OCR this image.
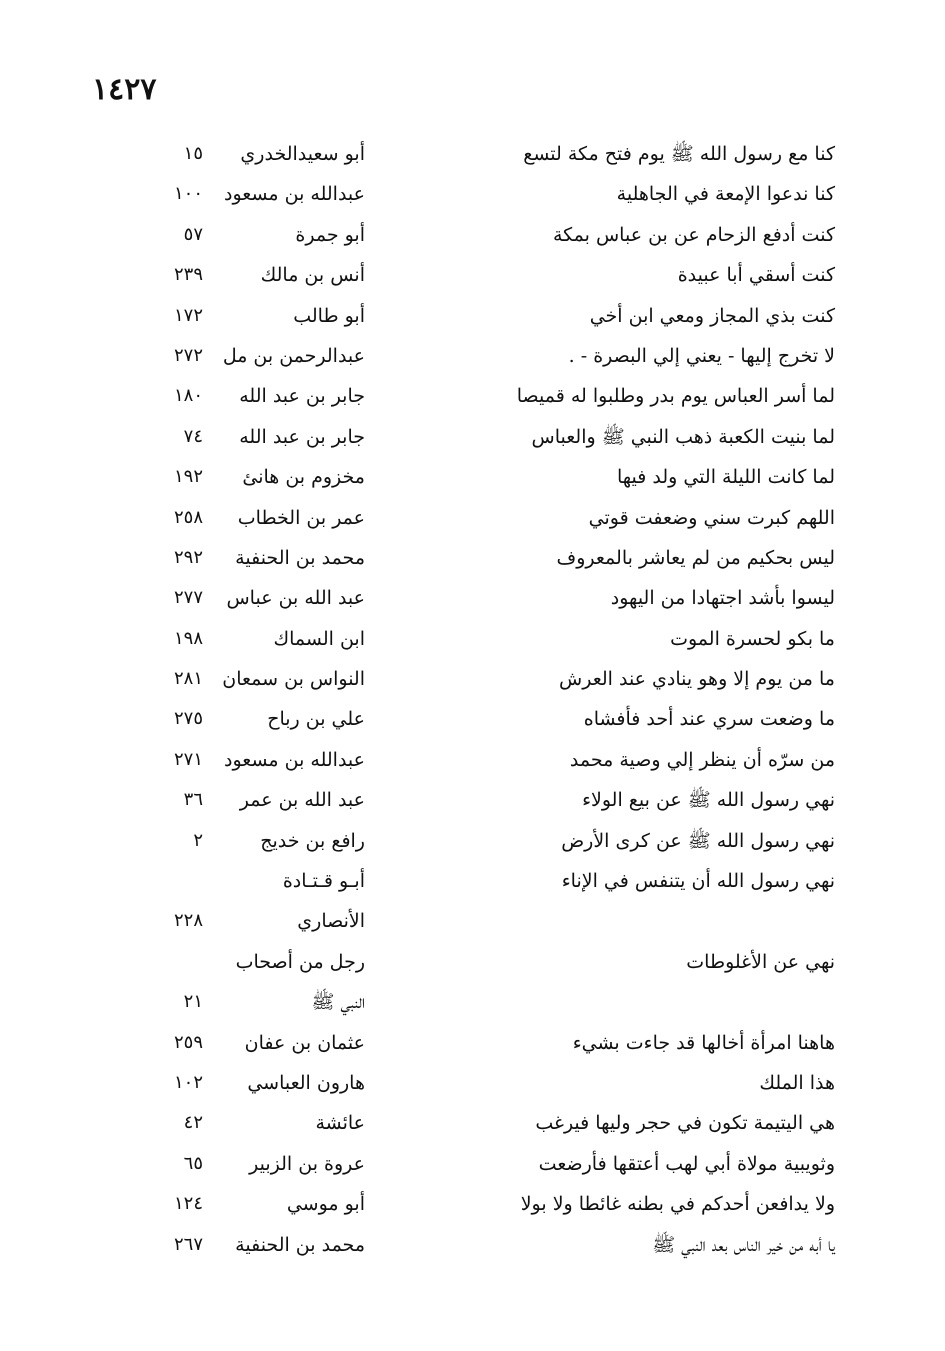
١٤٢٧
كنا مع رسول الله ﷺ يوم فتح مكة لتسع
أبو سعيدالخدري
١٥
كنا ندعوا الإمعة في الجاهلية
عبدالله بن مسعود
١٠٠
كنت أدفع الزحام عن بن عباس بمكة
أبو جمرة
٥٧
كنت أسقي أبا عبيدة
أنس بن مالك
٢٣٩
كنت بذي المجاز ومعي ابن أخي
أبو طالب
١٧٢
لا تخرج إليها - يعني إلي البصرة - .
عبدالرحمن بن مل
٢٧٢
لما أسر العباس يوم بدر وطلبوا له قميصا
جابر بن عبد الله
١٨٠
لما بنيت الكعبة ذهب النبي ﷺ والعباس
جابر بن عبد الله
٧٤
لما كانت الليلة التي ولد فيها
مخزوم بن هانئ
١٩٢
اللهم كبرت سني وضعفت قوتي
عمر بن الخطاب
٢٥٨
ليس بحكيم من لم يعاشر بالمعروف
محمد بن الحنفية
٢٩٢
ليسوا بأشد اجتهادا من اليهود
عبد الله بن عباس
٢٧٧
ما بكو لحسرة الموت
ابن السماك
١٩٨
ما من يوم إلا وهو ينادي عند العرش
النواس بن سمعان
٢٨١
ما وضعت سري عند أحد فأفشاه
علي بن رباح
٢٧٥
من سرّه أن ينظر إلي وصية محمد
عبدالله بن مسعود
٢٧١
نهي رسول الله ﷺ عن بيع الولاء
عبد الله بن عمر
٣٦
نهي رسول الله ﷺ عن كرى الأرض
رافع بن خديج
٢
نهي رسول الله أن يتنفس في الإناء
أبـو قـتـادة
الأنصاري
٢٢٨
نهي عن الأغلوطات
رجل من أصحاب
النبي ﷺ
٢١
هاهنا امرأة أخالها قد جاءت بشيء
عثمان بن عفان
٢٥٩
هذا الملك
هارون العباسي
١٠٢
هي اليتيمة تكون في حجر وليها فيرغب
عائشة
٤٢
وثويبية مولاة أبي لهب أعتقها فأرضعت
عروة بن الزبير
٦٥
ولا يدافعن أحدكم في بطنه غائطا ولا بولا
أبو موسي
١٢٤
يا أبه من خير الناس بعد النبي ﷺ
محمد بن الحنفية
٢٦٧
